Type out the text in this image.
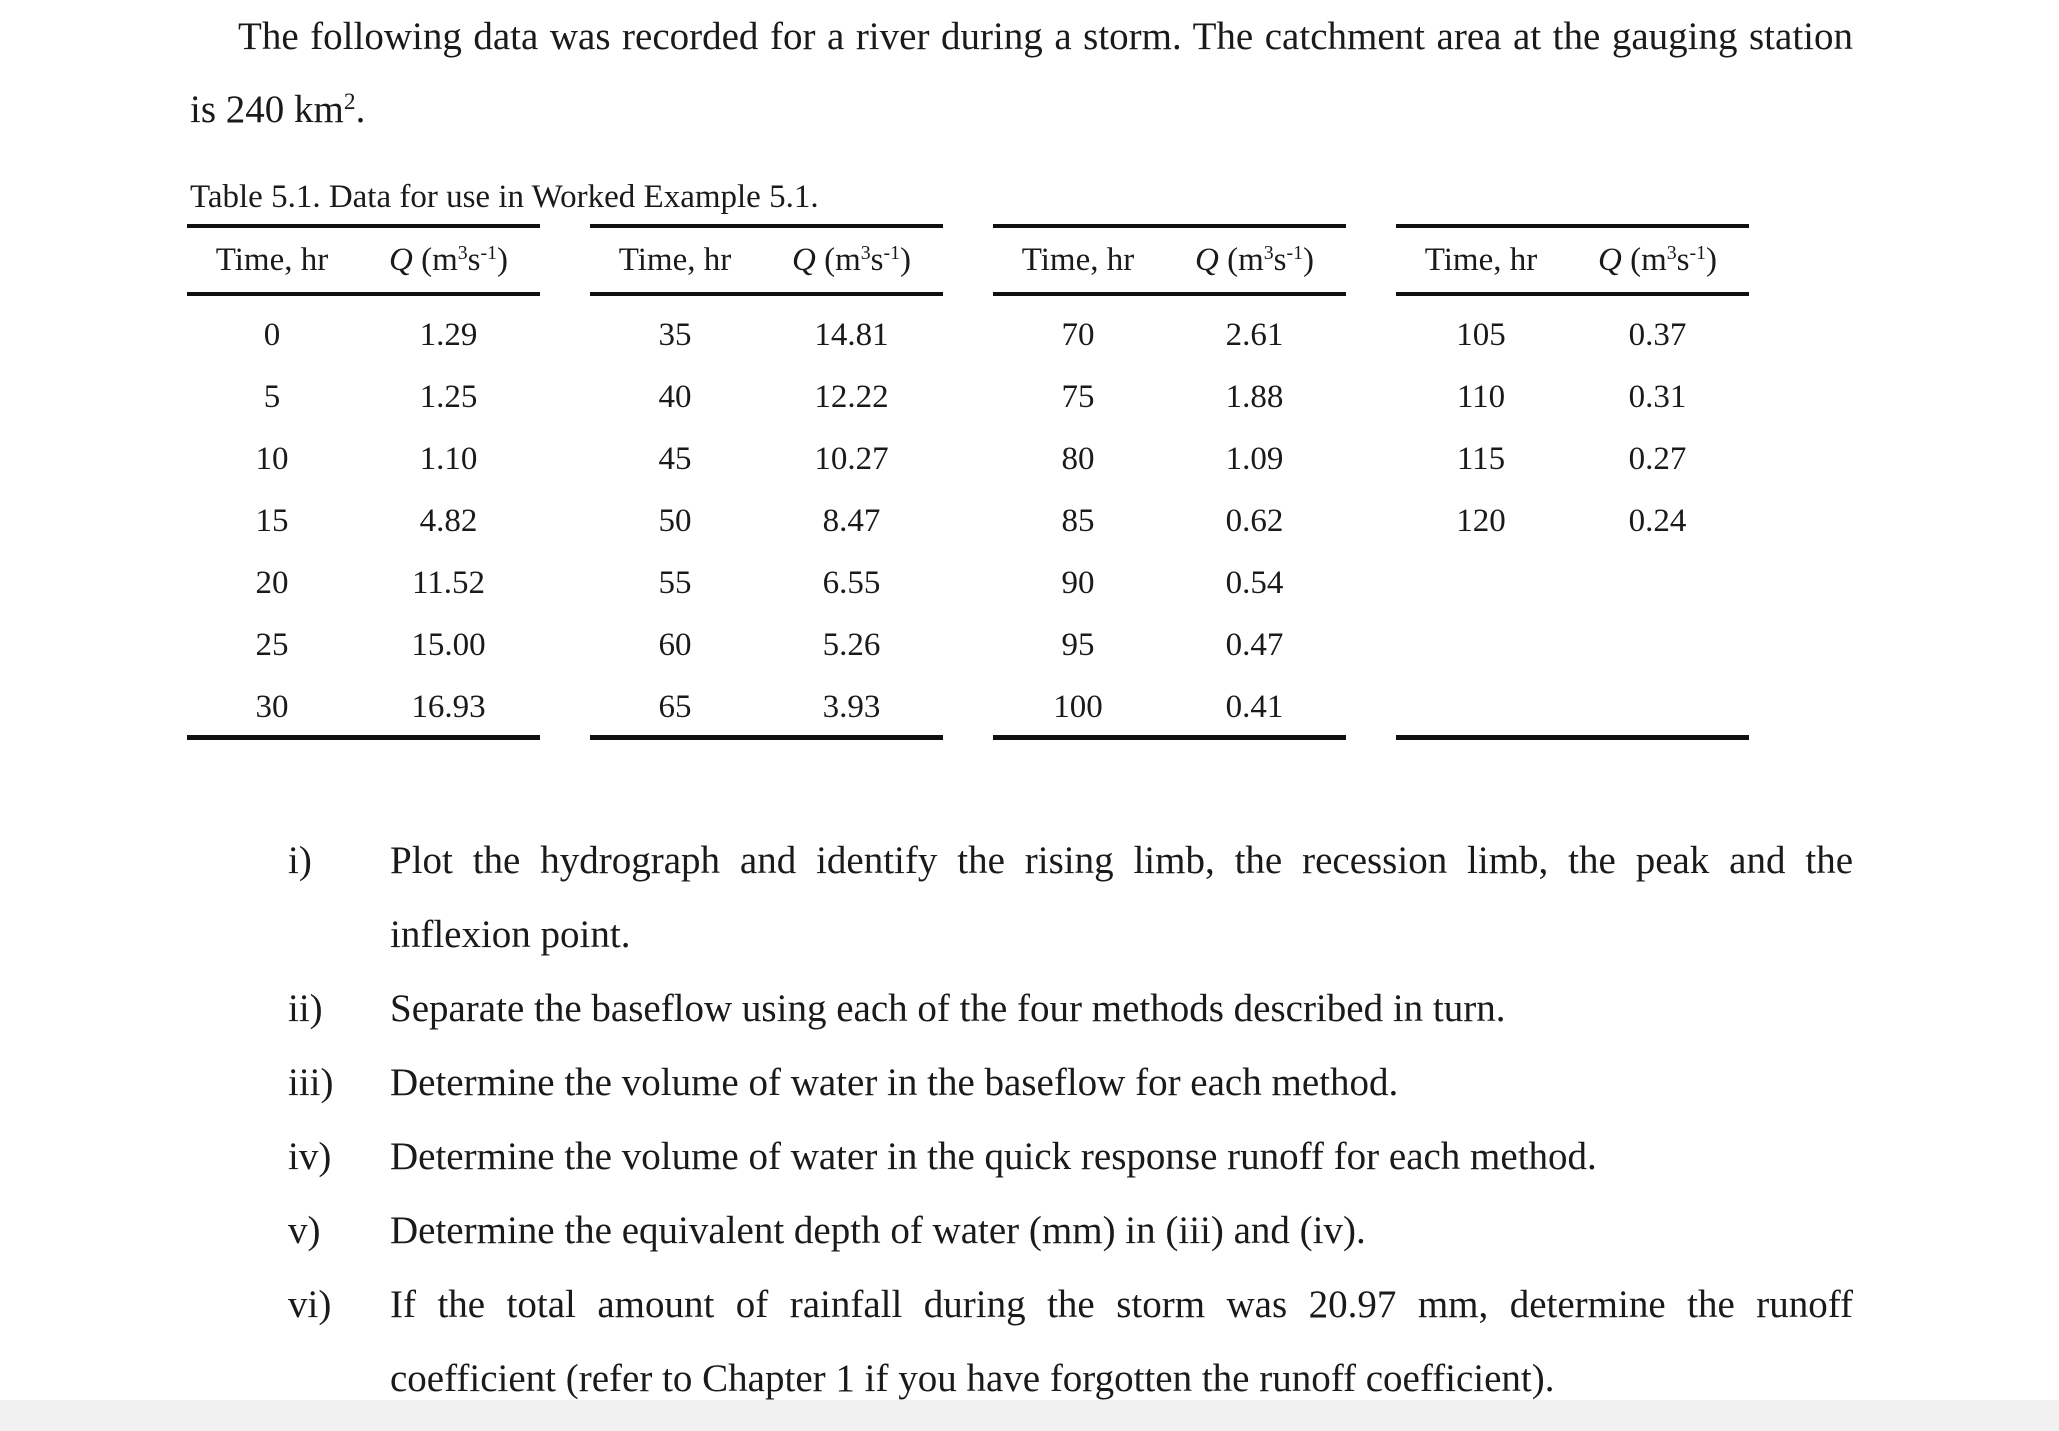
The following data was recorded for a river during a storm. The catchment area at the gauging station is 240 $km^2$.

Table 5.1. Data for use in Worked Example 5.1.
Time, hr	Q $(m^3s^{-1})$
0	1.29
5	1.25
10	1.10
15	4.82
20	11.52
25	15.00
30	16.93
Time, hr	Q $(m^3s^{-1})$
35	14.81
40	12.22
45	10.27
50	8.47
55	6.55
60	5.26
65	3.93
Time, hr	Q $(m^3s^{-1})$
70	2.61
75	1.88
80	1.09
85	0.62
90	0.54
95	0.47
100	0.41
Time, hr	Q $(m^3s^{-1})$
105	0.37
110	0.31
115	0.27
120	0.24
i)	Plot the hydrograph and identify the rising limb, the recession limb, the peak and the inflexion point.
ii)	Separate the baseflow using each of the four methods described in turn.
iii)	Determine the volume of water in the baseflow for each method.
iv)	Determine the volume of water in the quick response runoff for each method.
v)	Determine the equivalent depth of water (mm) in (iii) and (iv).
vi)	If the total amount of rainfall during the storm was 20.97 mm, determine the runoff coefficient (refer to Chapter 1 if you have forgotten the runoff coefficient).
